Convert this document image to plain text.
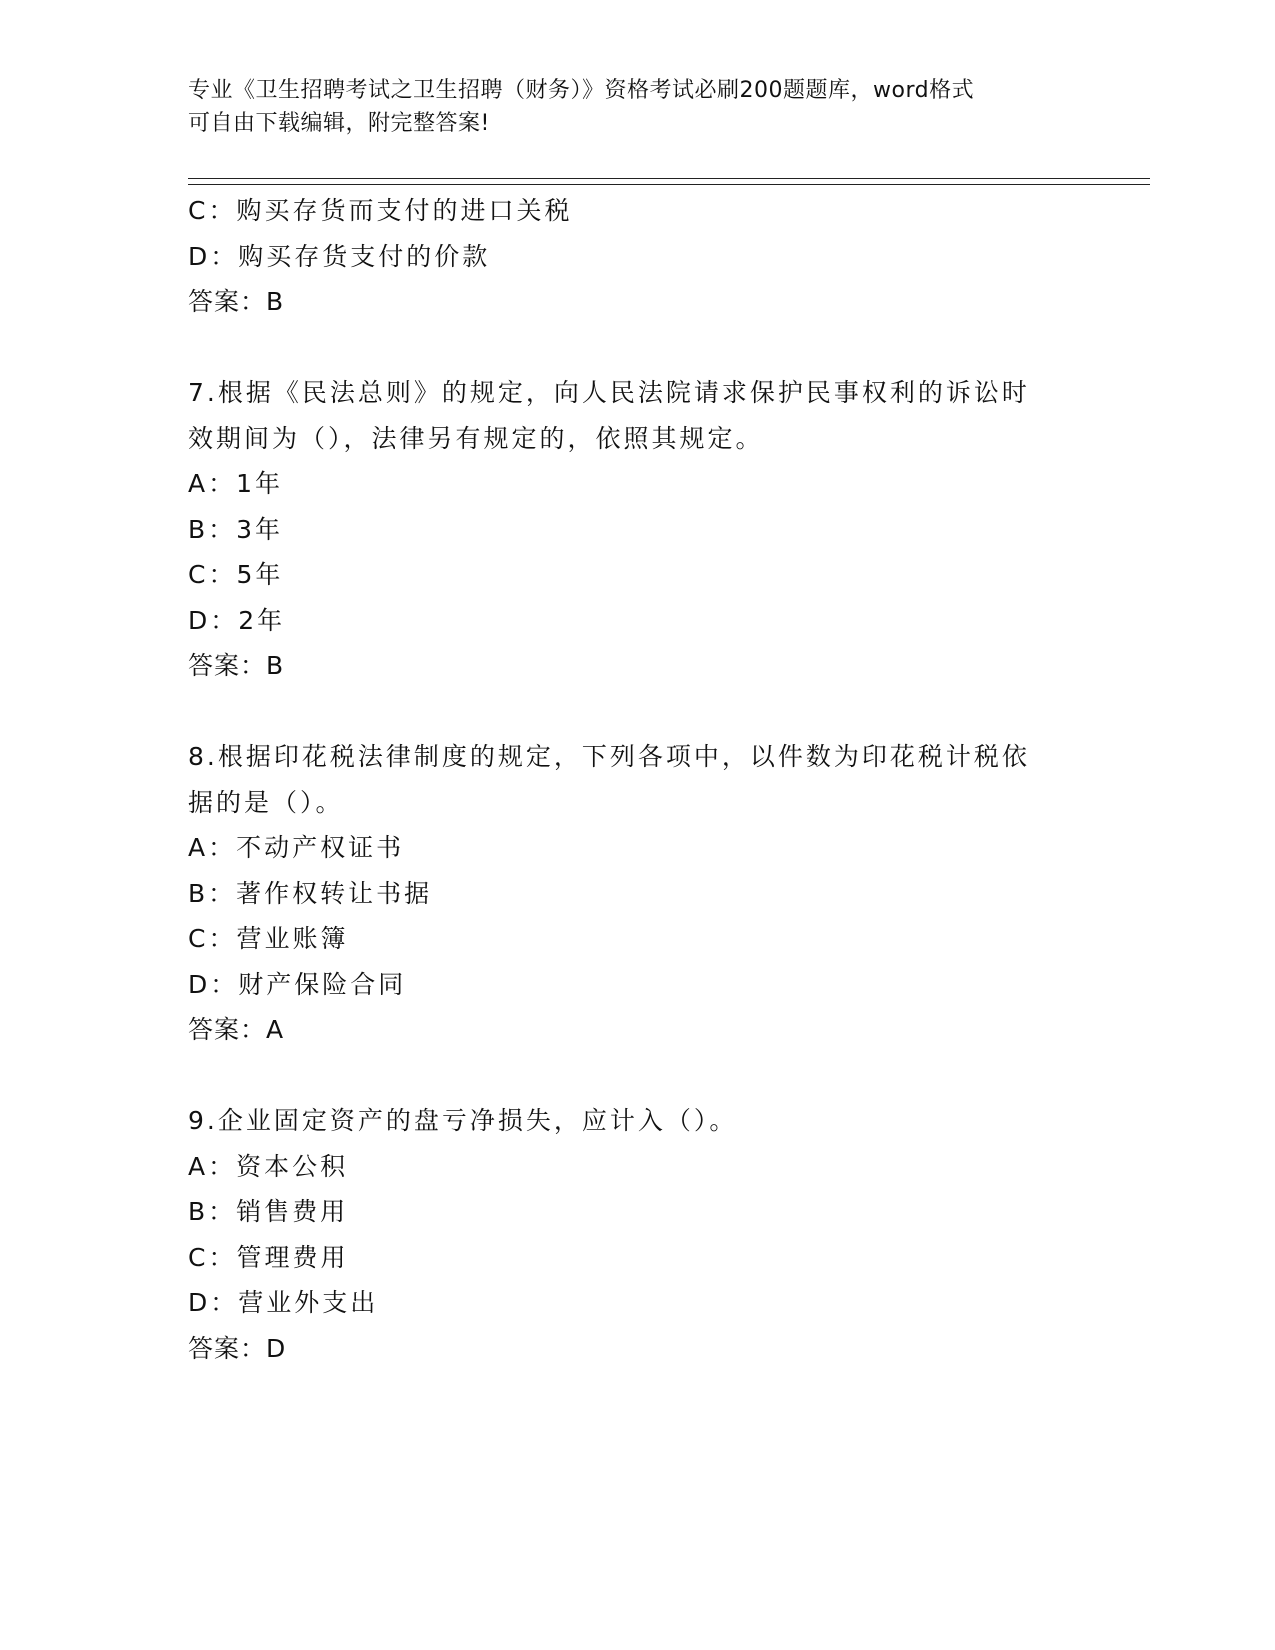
专业《卫生招聘考试之卫生招聘（财务）》资格考试必刷200题题库，word格式
可自由下载编辑，附完整答案!
C：购买存货而支付的进口关税
D：购买存货支付的价款
答案：B
7.根据《民法总则》的规定，向人民法院请求保护民事权利的诉讼时
效期间为（），法律另有规定的，依照其规定。
A：1年
B：3年
C：5年
D：2年
答案：B
8.根据印花税法律制度的规定，下列各项中，以件数为印花税计税依
据的是（）。
A：不动产权证书
B：著作权转让书据
C：营业账簿
D：财产保险合同
答案：A
9.企业固定资产的盘亏净损失，应计入（）。
A：资本公积
B：销售费用
C：管理费用
D：营业外支出
答案：D
